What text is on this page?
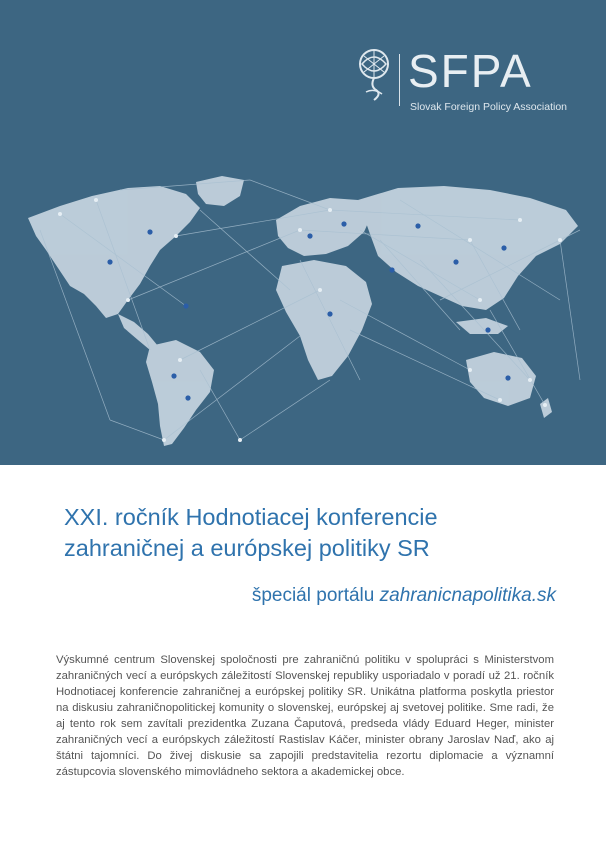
SFPA
Slovak Foreign Policy Association
XXI. ročník Hodnotiacej konferencie
zahraničnej a európskej politiky SR
špeciál portálu zahranicnapolitika.sk
Výskumné centrum Slovenskej spoločnosti pre zahraničnú politiku v spolupráci s Ministerstvom zahraničných vecí a európskych záležitostí Slovenskej republiky usporiadalo v poradí už 21. ročník Hodnotiacej konferencie zahraničnej a európskej politiky SR. Unikátna platforma poskytla priestor na diskusiu zahraničnopolitickej komunity o slovenskej, európskej aj svetovej politike. Sme radi, že aj tento rok sem zavítali prezidentka Zuzana Čaputová, predseda vlády Eduard Heger, minister zahraničných vecí a európskych záležitostí Rastislav Káčer, minister obrany Jaroslav Naď, ako aj štátni tajomníci. Do živej diskusie sa zapojili predstavitelia rezortu diplomacie a významní zástupcovia slovenského mimovládneho sektora a akademickej obce.
